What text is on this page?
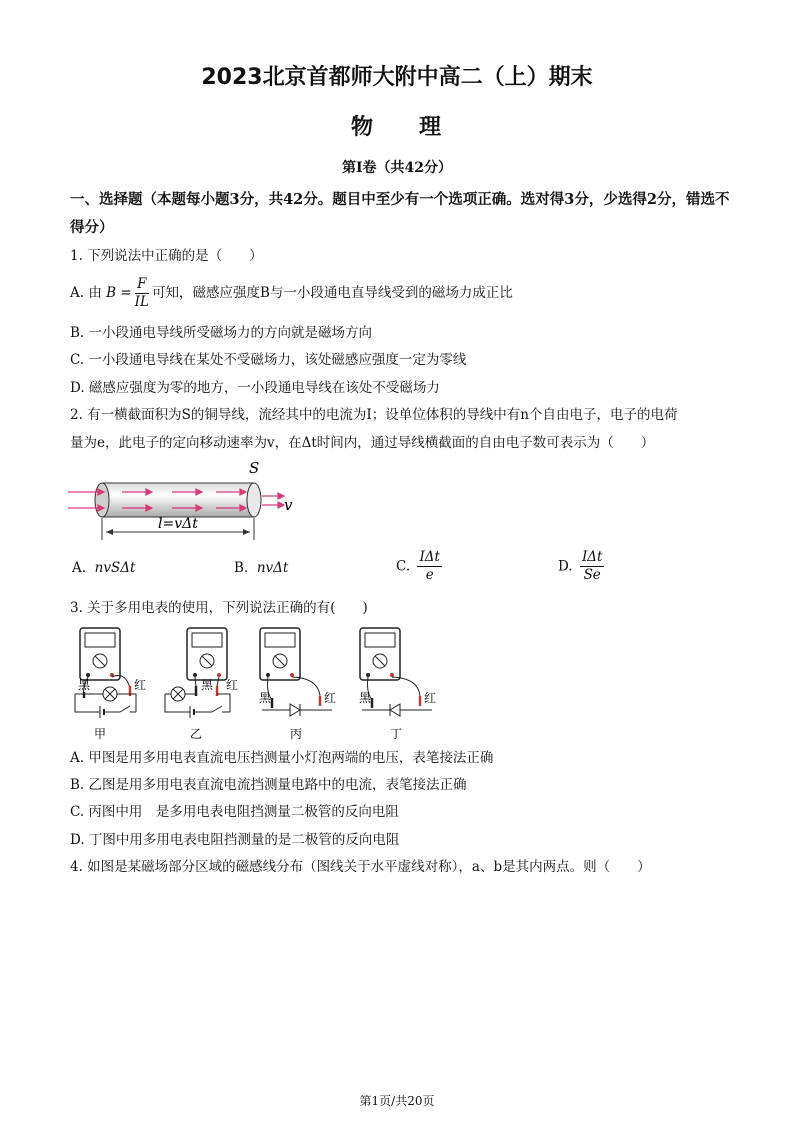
2023北京首都师大附中高二（上）期末
物 理
第Ⅰ卷（共42分）
一、选择题（本题每小题3分，共42分。题目中至少有一个选项正确。选对得3分，少选得2分，错选不得分）
1. 下列说法中正确的是（　　）
A. 由 $B = \frac{F}{IL}$ 可知，磁感应强度B与一小段通电直导线受到的磁场力成正比
B. 一小段通电导线所受磁场力的方向就是磁场方向
C. 一小段通电导线在某处不受磁场力，该处磁感应强度一定为零线
D. 磁感应强度为零的地方，一小段通电导线在该处不受磁场力
2. 有一横截面积为S的铜导线，流经其中的电流为I；设单位体积的导线中有n个自由电子，电子的电荷
量为e，此电子的定向移动速率为v，在Δt时间内，通过导线横截面的自由电子数可表示为（　　）
S
v
l=vΔt
A. nvSΔt	B. nvΔt	C. $\frac{\text{IΔt}}{e}$	D. $\frac{\text{IΔt}}{Se}$
3. 关于多用电表的使用，下列说法正确的有(　　)
黑	红
甲
黑 红
乙
黑	红
丙
黑	红
丁
A. 甲图是用多用电表直流电压挡测量小灯泡两端的电压，表笔接法正确
B. 乙图是用多用电表直流电流挡测量电路中的电流，表笔接法正确
C. 丙图中用　是多用电表电阻挡测量二极管的反向电阻
D. 丁图中用多用电表电阻挡测量的是二极管的反向电阻
4. 如图是某磁场部分区域的磁感线分布（图线关于水平虚线对称），a、b是其内两点。则（　　）
第1页/共20页
